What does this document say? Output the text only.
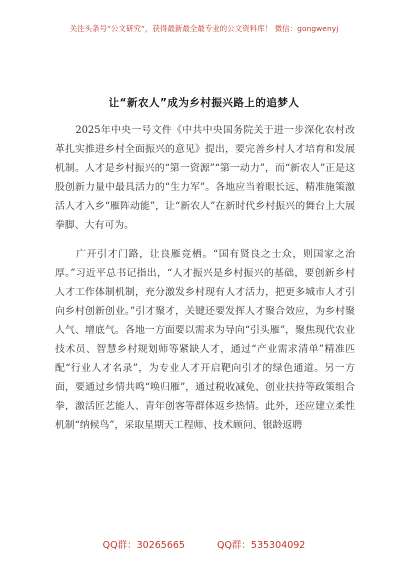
关注头条号“公文研究”，获得最新最全最专业的公文资料库！ 微信：gongwenyj
让“新农人”成为乡村振兴路上的追梦人

　　2025年中央一号文件《中共中央国务院关于进一步深化农村改革扎实推进乡村全面振兴的意见》提出，要完善乡村人才培育和发展机制。人才是乡村振兴的“第一资源”“第一动力”，而“新农人”正是这股创新力量中最具活力的“生力军”。各地应当着眼长远、精准施策激活人才入乡“雁阵动能”，让“新农人”在新时代乡村振兴的舞台上大展拳脚、大有可为。

　　广开引才门路，让良雁竞栖。“国有贤良之士众，则国家之治厚。”习近平总书记指出，“人才振兴是乡村振兴的基础，要创新乡村人才工作体制机制，充分激发乡村现有人才活力，把更多城市人才引向乡村创新创业。”引才聚才，关键还要发挥人才聚合效应，为乡村聚人气、增底气。各地一方面要以需求为导向“引头雁”，聚焦现代农业技术员、智慧乡村规划师等紧缺人才，通过“产业需求清单”精准匹配“行业人才名录”，为专业人才开启靶向引才的绿色通道。另一方面，要通过乡情共鸣“唤归雁”，通过税收减免、创业扶持等政策组合拳，激活匠艺能人、青年创客等群体返乡热情。此外，还应建立柔性机制“纳候鸟”，采取星期天工程师、技术顾问、银龄返聘

QQ群：30265665	QQ群：535304092
